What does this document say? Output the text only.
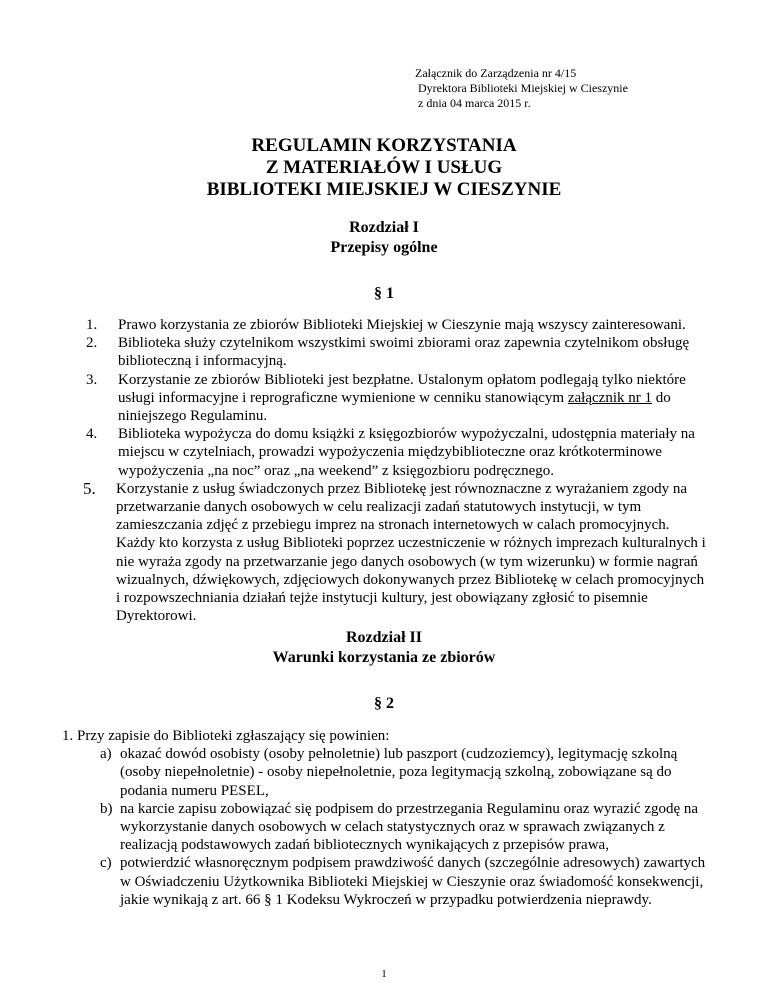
Załącznik do Zarządzenia nr 4/15
Dyrektora Biblioteki Miejskiej w Cieszynie
z dnia 04 marca 2015 r.
REGULAMIN KORZYSTANIA
Z MATERIAŁÓW I USŁUG
BIBLIOTEKI MIEJSKIEJ W CIESZYNIE
Rozdział I
Przepisy ogólne
§ 1
1. Prawo korzystania ze zbiorów Biblioteki Miejskiej w Cieszynie mają wszyscy zainteresowani.
2. Biblioteka służy czytelnikom wszystkimi swoimi zbiorami oraz zapewnia czytelnikom obsługę biblioteczną i informacyjną.
3. Korzystanie ze zbiorów Biblioteki jest bezpłatne. Ustalonym opłatom podlegają tylko niektóre usługi informacyjne i reprograficzne wymienione w cenniku stanowiącym załącznik nr 1 do niniejszego Regulaminu.
4. Biblioteka wypożycza do domu książki z księgozbiorów wypożyczalni, udostępnia materiały na miejscu w czytelniach, prowadzi wypożyczenia międzybiblioteczne oraz krótkoterminowe wypożyczenia „na noc” oraz „na weekend” z księgozbioru podręcznego.
5. Korzystanie z usług świadczonych przez Bibliotekę jest równoznaczne z wyrażaniem zgody na przetwarzanie danych osobowych w celu realizacji zadań statutowych instytucji, w tym zamieszczania zdjęć z przebiegu imprez na stronach internetowych w calach promocyjnych. Każdy kto korzysta z usług Biblioteki poprzez uczestniczenie w różnych imprezach kulturalnych i nie wyraża zgody na przetwarzanie jego danych osobowych (w tym wizerunku) w formie nagrań wizualnych, dźwiękowych, zdjęciowych dokonywanych przez Bibliotekę w celach promocyjnych i rozpowszechniania działań tejże instytucji kultury, jest obowiązany zgłosić to pisemnie Dyrektorowi.
Rozdział II
Warunki korzystania ze zbiorów
§ 2
1. Przy zapisie do Biblioteki zgłaszający się powinien:
a) okazać dowód osobisty (osoby pełnoletnie) lub paszport (cudzoziemcy), legitymację szkolną (osoby niepełnoletnie) - osoby niepełnoletnie, poza legitymacją szkolną, zobowiązane są do podania numeru PESEL,
b) na karcie zapisu zobowiązać się podpisem do przestrzegania Regulaminu oraz wyrazić zgodę na wykorzystanie danych osobowych w celach statystycznych oraz w sprawach związanych z realizacją podstawowych zadań bibliotecznych wynikających z przepisów prawa,
c) potwierdzić własnoręcznym podpisem prawdziwość danych (szczególnie adresowych) zawartych w Oświadczeniu Użytkownika Biblioteki Miejskiej w Cieszynie oraz świadomość konsekwencji, jakie wynikają z art. 66 § 1 Kodeksu Wykroczeń w przypadku potwierdzenia nieprawdy.
1
